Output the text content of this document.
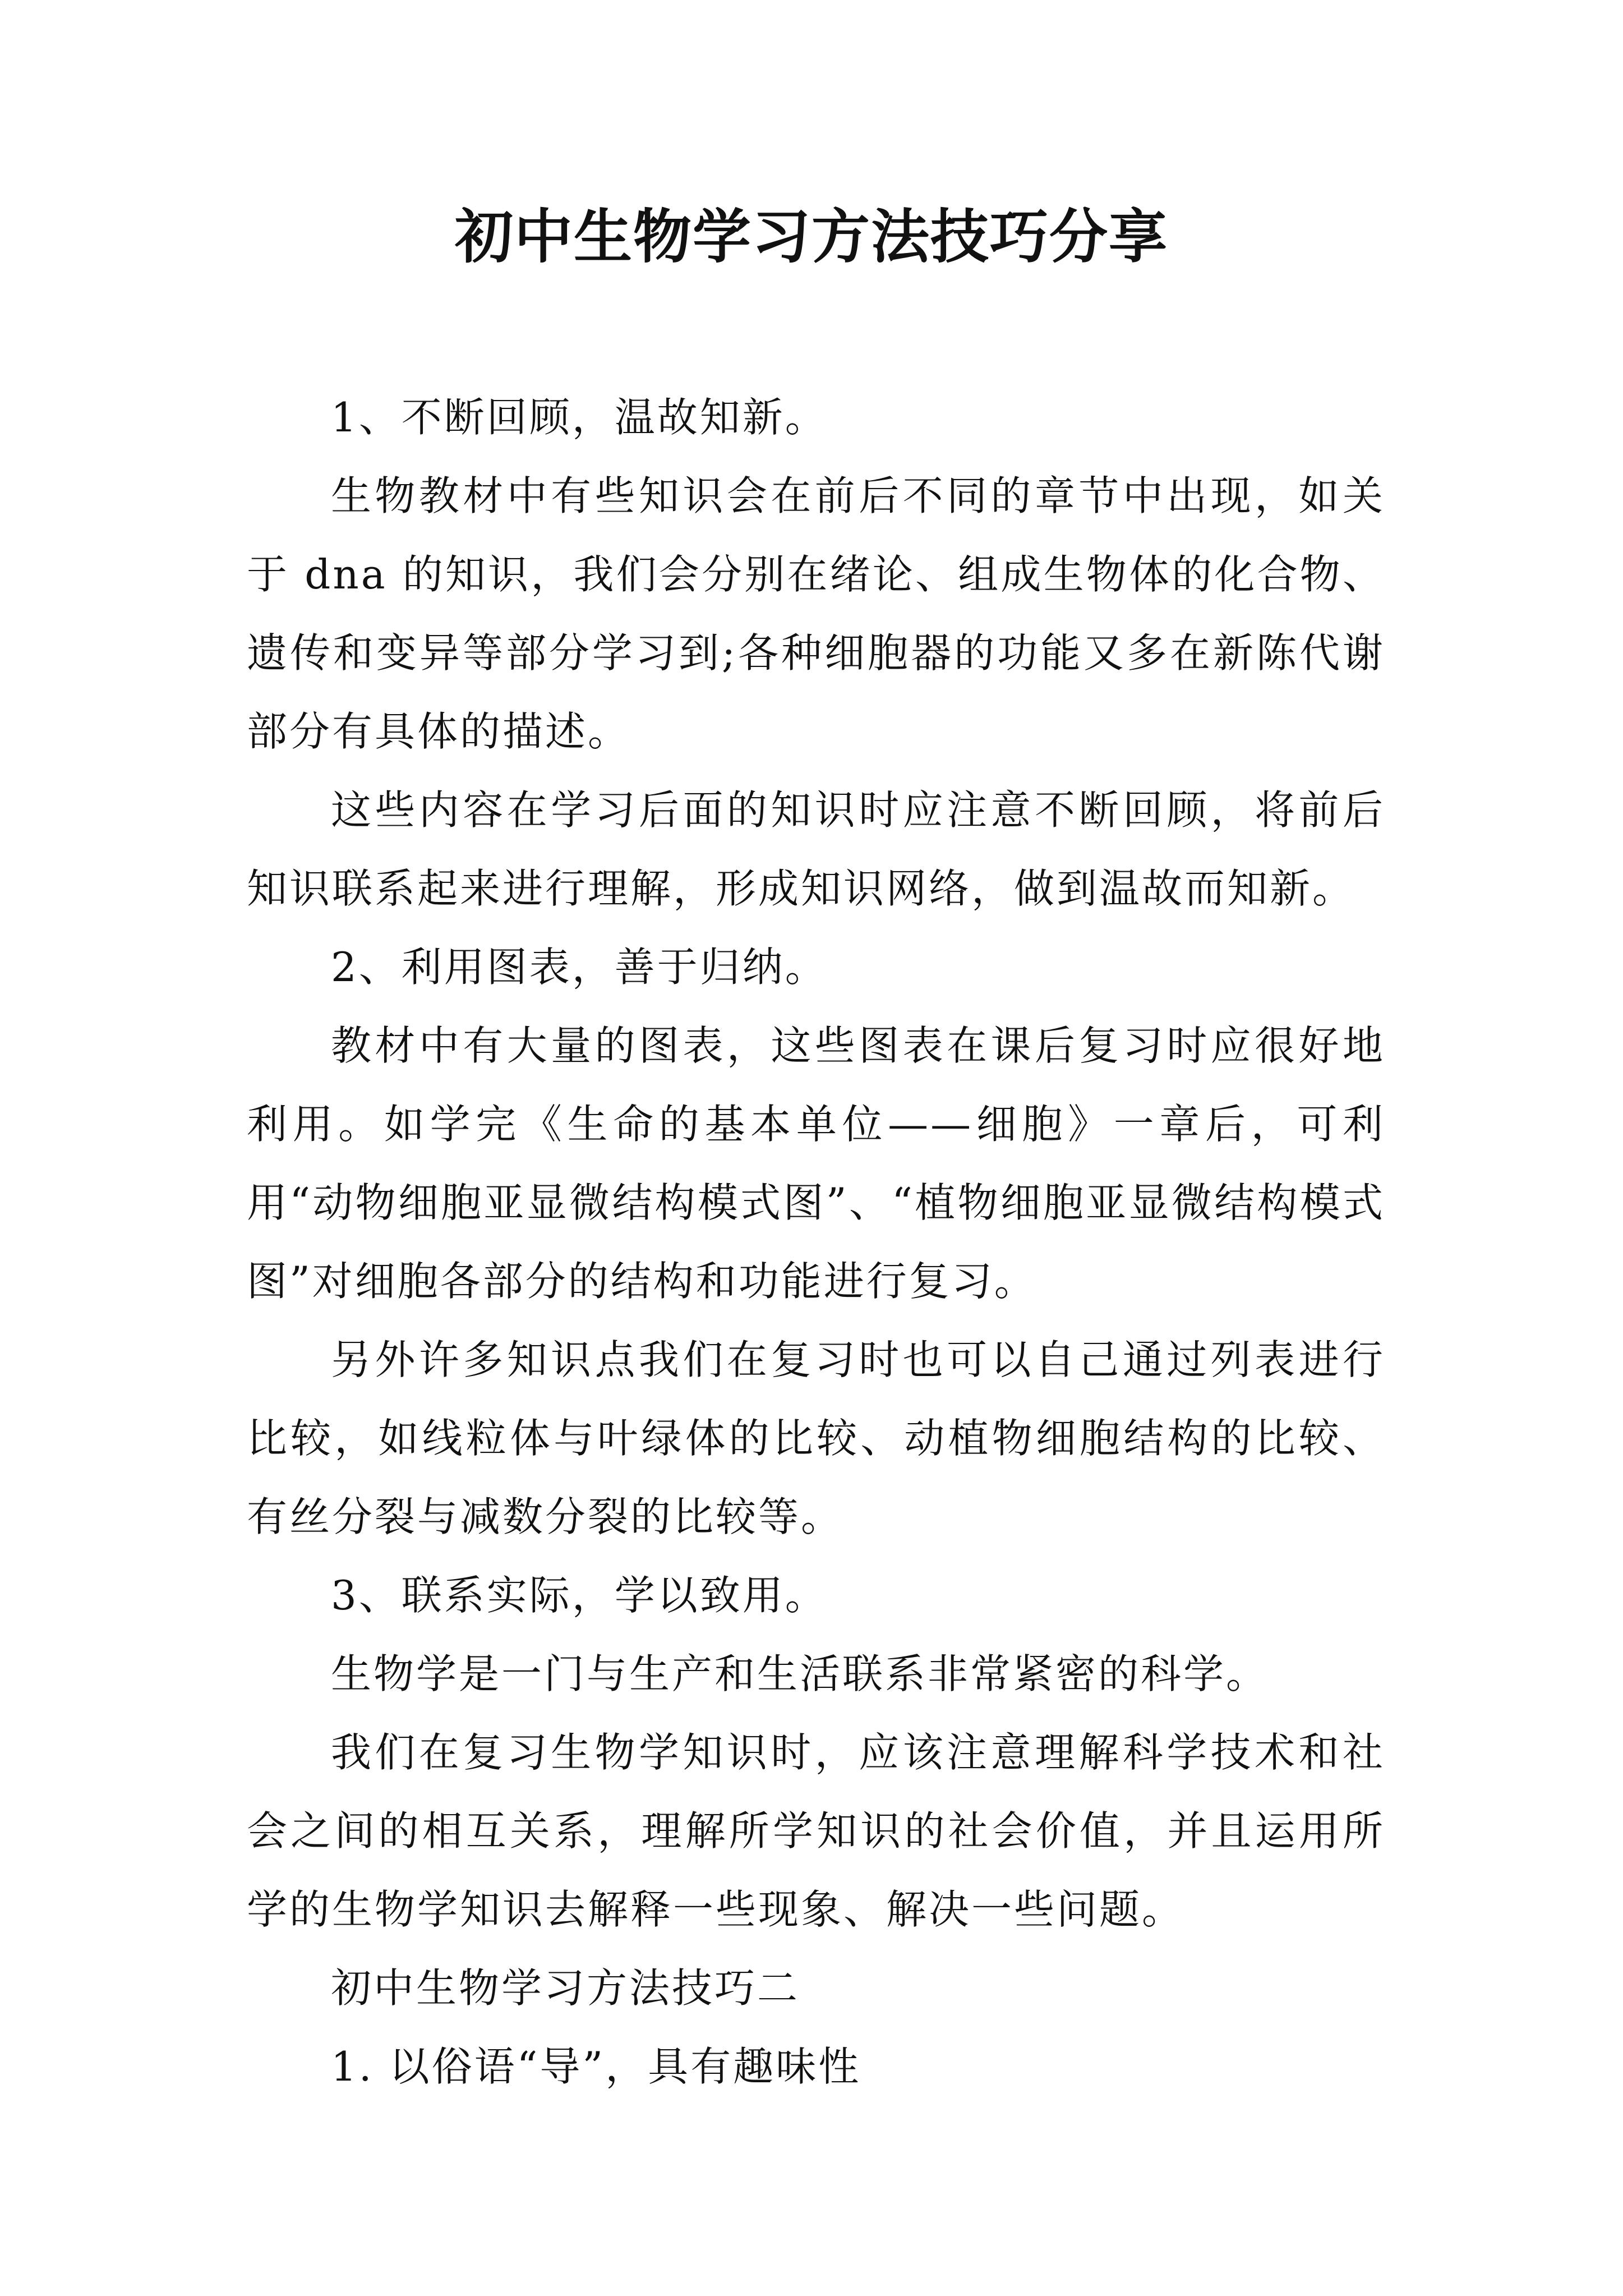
初中生物学习方法技巧分享

1、不断回顾，温故知新。

生物教材中有些知识会在前后不同的章节中出现，如关于 dna 的知识，我们会分别在绪论、组成生物体的化合物、遗传和变异等部分学习到;各种细胞器的功能又多在新陈代谢部分有具体的描述。

这些内容在学习后面的知识时应注意不断回顾，将前后知识联系起来进行理解，形成知识网络，做到温故而知新。

2、利用图表，善于归纳。

教材中有大量的图表，这些图表在课后复习时应很好地利用。如学完《生命的基本单位——细胞》一章后，可利用“动物细胞亚显微结构模式图”、“植物细胞亚显微结构模式图”对细胞各部分的结构和功能进行复习。

另外许多知识点我们在复习时也可以自己通过列表进行比较，如线粒体与叶绿体的比较、动植物细胞结构的比较、有丝分裂与减数分裂的比较等。

3、联系实际，学以致用。

生物学是一门与生产和生活联系非常紧密的科学。

我们在复习生物学知识时，应该注意理解科学技术和社会之间的相互关系，理解所学知识的社会价值，并且运用所学的生物学知识去解释一些现象、解决一些问题。

初中生物学习方法技巧二

1. 以俗语“导”，具有趣味性
